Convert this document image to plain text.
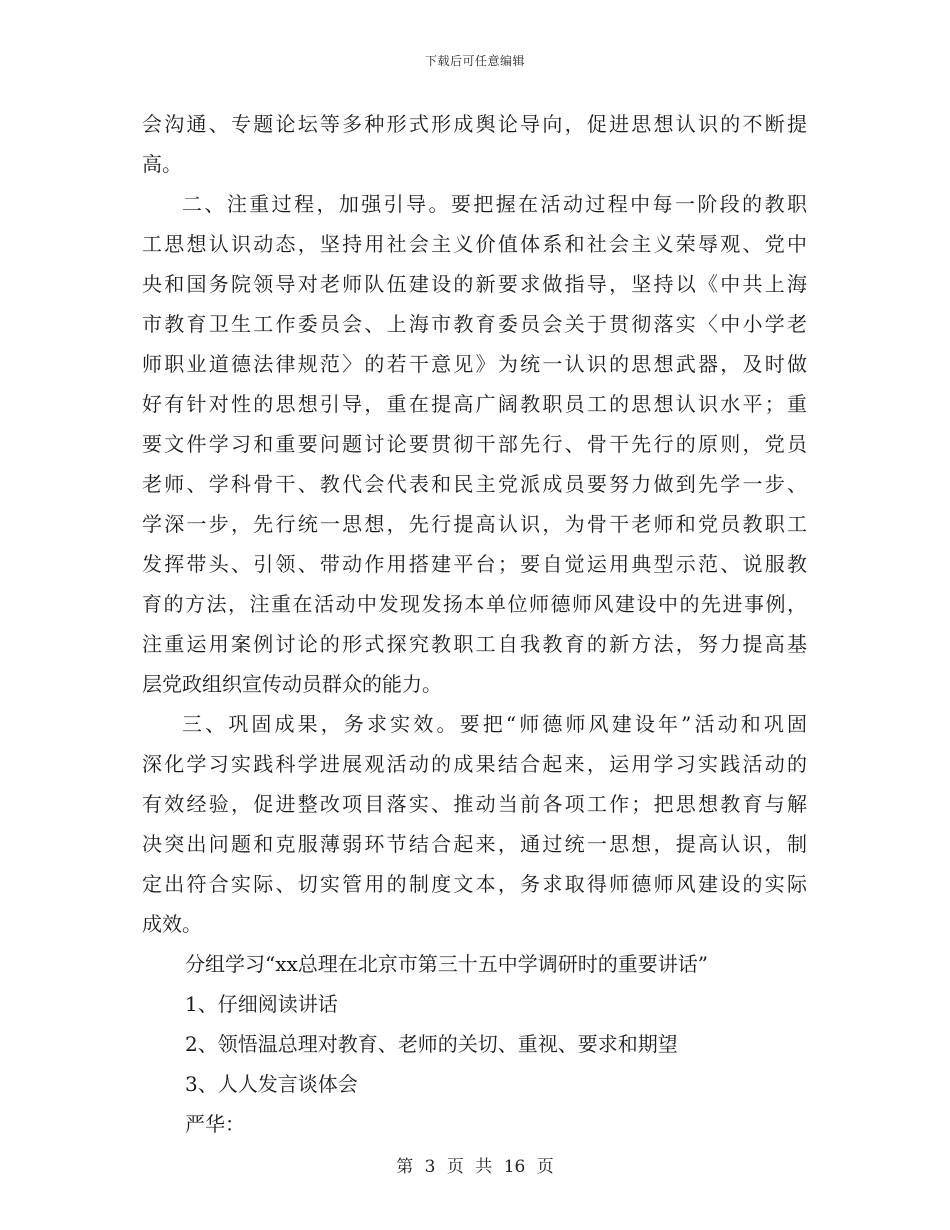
下载后可任意编辑
会沟通、专题论坛等多种形式形成舆论导向，促进思想认识的不断提
高。
二、注重过程，加强引导。要把握在活动过程中每一阶段的教职
工思想认识动态，坚持用社会主义价值体系和社会主义荣辱观、党中
央和国务院领导对老师队伍建设的新要求做指导，坚持以《中共上海
市教育卫生工作委员会、上海市教育委员会关于贯彻落实〈中小学老
师职业道德法律规范〉的若干意见》为统一认识的思想武器，及时做
好有针对性的思想引导，重在提高广阔教职员工的思想认识水平；重
要文件学习和重要问题讨论要贯彻干部先行、骨干先行的原则，党员
老师、学科骨干、教代会代表和民主党派成员要努力做到先学一步、
学深一步，先行统一思想，先行提高认识，为骨干老师和党员教职工
发挥带头、引领、带动作用搭建平台；要自觉运用典型示范、说服教
育的方法，注重在活动中发现发扬本单位师德师风建设中的先进事例，
注重运用案例讨论的形式探究教职工自我教育的新方法，努力提高基
层党政组织宣传动员群众的能力。
三、巩固成果，务求实效。要把“师德师风建设年”活动和巩固
深化学习实践科学进展观活动的成果结合起来，运用学习实践活动的
有效经验，促进整改项目落实、推动当前各项工作；把思想教育与解
决突出问题和克服薄弱环节结合起来，通过统一思想，提高认识，制
定出符合实际、切实管用的制度文本，务求取得师德师风建设的实际
成效。
分组学习“xx总理在北京市第三十五中学调研时的重要讲话”
1、仔细阅读讲话
2、领悟温总理对教育、老师的关切、重视、要求和期望
3、人人发言谈体会
严华：
第 3 页 共 16 页
